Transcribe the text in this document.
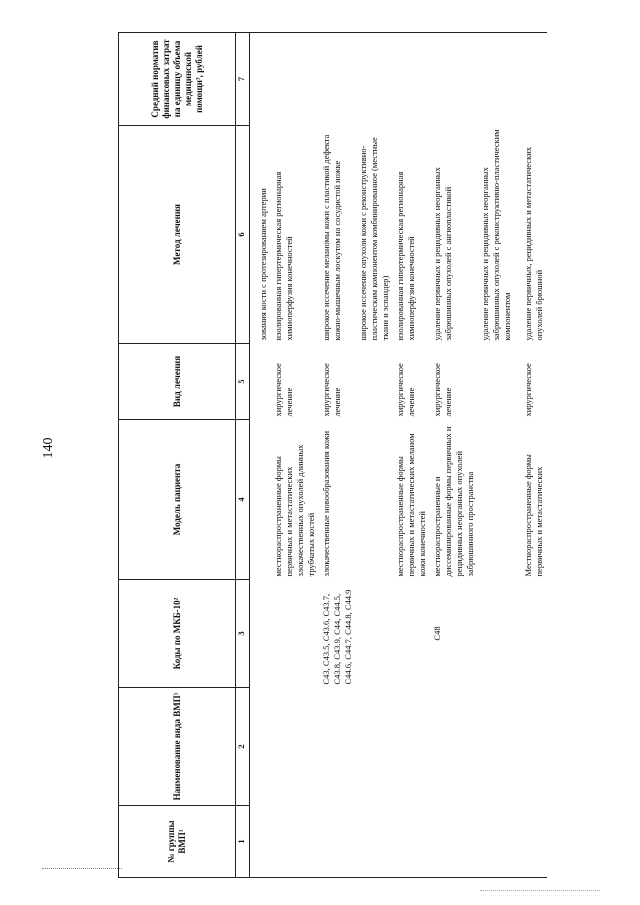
140
№ группы ВМП¹	Наименование вида ВМП¹	Коды по МКБ-10²	Модель пациента	Вид лечения	Метод лечения	Средний норматив финансовых затрат на единицу объема медицинской помощи³, рублей
1	2	3	4	5	6	7

					зования кости с протезированием артерии	
			местнораспространенные формы первичных и метастатических злокачественных опухолей длинных трубчатых костей	хирургическое лечение	изолированная гипертермическая регионарная химиоперфузия конечностей	
		C43, C43.5, C43.6, C43.7, C43.8, C43.9, C44, C44.5, C44.6, C44.7, C44.8, C44.9	злокачественные новообразования кожи	хирургическое лечение	широкое иссечение меланомы кожи с пластикой дефекта кожно-мышечным лоскутом на сосудистой ножке	
					широкое иссечение опухоли кожи с реконструктивно-пластическим компонентом комбинированное (местные ткани и эспандер)	
			местнораспространенные формы первичных и метастатических меланом кожи конечностей	хирургическое лечение	изолированная гипертермическая регионарная химиоперфузия конечностей	
		C48	местнораспространенные и диссеминированные формы первичных и рецидивных неорганных опухолей забрюшинного пространства	хирургическое лечение	удаление первичных и рецидивных неорганных забрюшинных опухолей с ангиопластикой	
					удаление первичных и рецидивных неорганных забрюшинных опухолей с реконструктивно-пластическим компонентом	

			Местнораспространенные формы первичных и метастатических	хирургическое	удаление первичных, рецидивных и метастатических опухолей брюшной	
